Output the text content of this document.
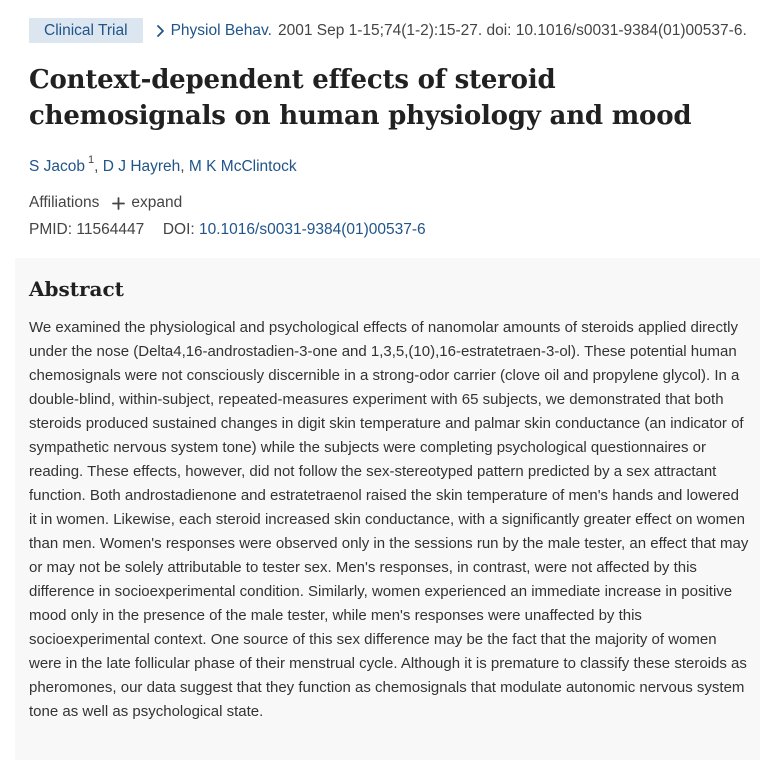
Clinical Trial	Physiol Behav. 2001 Sep 1-15;74(1-2):15-27. doi: 10.1016/s0031-9384(01)00537-6.
Context-dependent effects of steroid chemosignals on human physiology and mood
S Jacob $^1$, D J Hayreh, M K McClintock
Affiliations expand
PMID: 11564447 DOI: 10.1016/s0031-9384(01)00537-6
Abstract

We examined the physiological and psychological effects of nanomolar amounts of steroids applied directly under the nose (Delta4,16-androstadien-3-one and 1,3,5,(10),16-estratetraen-3-ol). These potential human chemosignals were not consciously discernible in a strong-odor carrier (clove oil and propylene glycol). In a double-blind, within-subject, repeated-measures experiment with 65 subjects, we demonstrated that both steroids produced sustained changes in digit skin temperature and palmar skin conductance (an indicator of sympathetic nervous system tone) while the subjects were completing psychological questionnaires or reading. These effects, however, did not follow the sex-stereotyped pattern predicted by a sex attractant function. Both androstadienone and estratetraenol raised the skin temperature of men's hands and lowered it in women. Likewise, each steroid increased skin conductance, with a significantly greater effect on women than men. Women's responses were observed only in the sessions run by the male tester, an effect that may or may not be solely attributable to tester sex. Men's responses, in contrast, were not affected by this difference in socioexperimental condition. Similarly, women experienced an immediate increase in positive mood only in the presence of the male tester, while men's responses were unaffected by this socioexperimental context. One source of this sex difference may be the fact that the majority of women were in the late follicular phase of their menstrual cycle. Although it is premature to classify these steroids as pheromones, our data suggest that they function as chemosignals that modulate autonomic nervous system tone as well as psychological state.
